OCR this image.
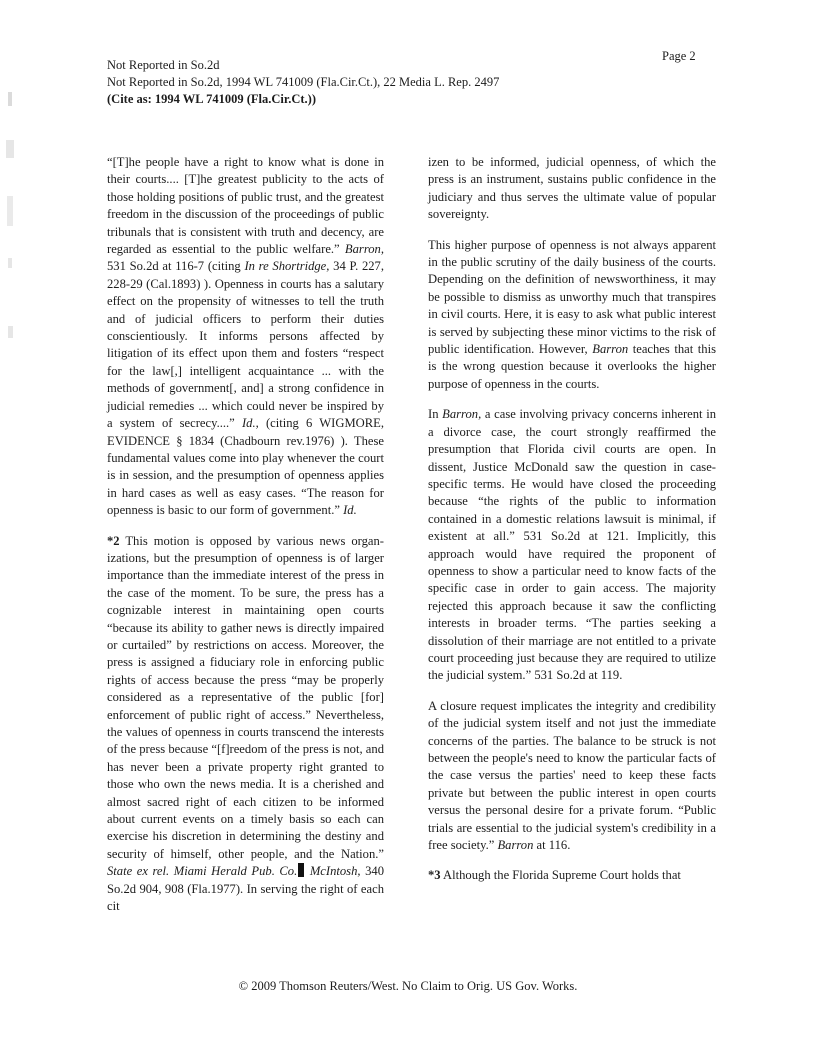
Page 2
Not Reported in So.2d
Not Reported in So.2d, 1994 WL 741009 (Fla.Cir.Ct.), 22 Media L. Rep. 2497
(Cite as: 1994 WL 741009 (Fla.Cir.Ct.))

“[T]he people have a right to know what is done in their courts.... [T]he greatest publicity to the acts of those holding positions of public trust, and the greatest freedom in the discussion of the proceedings of public tribunals that is consistent with truth and decency, are regarded as essential to the public welfare.” Barron, 531 So.2d at 116-7 (citing In re Shortridge, 34 P. 227, 228-29 (Cal.1893) ). Openness in courts has a salutary effect on the propensity of witnesses to tell the truth and of judicial officers to perform their duties conscientiously. It informs persons affected by litigation of its effect upon them and fosters “respect for the law[,] intelligent acquaintance ... with the methods of government[, and] a strong confidence in judicial remedies ... which could never be inspired by a system of secrecy....” Id., (citing 6 WIGMORE, EVIDENCE § 1834 (Chadbourn rev.1976) ). These fundamental values come into play whenever the court is in session, and the presumption of openness applies in hard cases as well as easy cases. “The reason for openness is basic to our form of government.” Id.

*2 This motion is opposed by various news organizations, but the presumption of openness is of larger importance than the immediate interest of the press in the case of the moment. To be sure, the press has a cognizable interest in maintaining open courts “because its ability to gather news is directly impaired or curtailed” by restrictions on access. Moreover, the press is assigned a fiduciary role in enforcing public rights of access because the press “may be properly considered as a representative of the public [for] enforcement of public right of access.” Nevertheless, the values of openness in courts transcend the interests of the press because “[f]reedom of the press is not, and has never been a private property right granted to those who own the news media. It is a cherished and almost sacred right of each citizen to be informed about current events on a timely basis so each can exercise his discretion in determining the destiny and security of himself, other people, and the Nation.” State ex rel. Miami Herald Pub. Co. McIntosh, 340 So.2d 904, 908 (Fla.1977). In serving the right of each cit

izen to be informed, judicial openness, of which the press is an instrument, sustains public confidence in the judiciary and thus serves the ultimate value of popular sovereignty.

This higher purpose of openness is not always apparent in the public scrutiny of the daily business of the courts. Depending on the definition of newsworthiness, it may be possible to dismiss as unworthy much that transpires in civil courts. Here, it is easy to ask what public interest is served by subjecting these minor victims to the risk of public identification. However, Barron teaches that this is the wrong question because it overlooks the higher purpose of openness in the courts.

In Barron, a case involving privacy concerns inherent in a divorce case, the court strongly reaffirmed the presumption that Florida civil courts are open. In dissent, Justice McDonald saw the question in case-specific terms. He would have closed the proceeding because “the rights of the public to information contained in a domestic relations lawsuit is minimal, if existent at all.” 531 So.2d at 121. Implicitly, this approach would have required the proponent of openness to show a particular need to know facts of the specific case in order to gain access. The majority rejected this approach because it saw the conflicting interests in broader terms. “The parties seeking a dissolution of their marriage are not entitled to a private court proceeding just because they are required to utilize the judicial system.” 531 So.2d at 119.

A closure request implicates the integrity and credibility of the judicial system itself and not just the immediate concerns of the parties. The balance to be struck is not between the people's need to know the particular facts of the case versus the parties' need to keep these facts private but between the public interest in open courts versus the personal desire for a private forum. “Public trials are essential to the judicial system's credibility in a free society.” Barron at 116.

*3 Although the Florida Supreme Court holds that

© 2009 Thomson Reuters/West. No Claim to Orig. US Gov. Works.
